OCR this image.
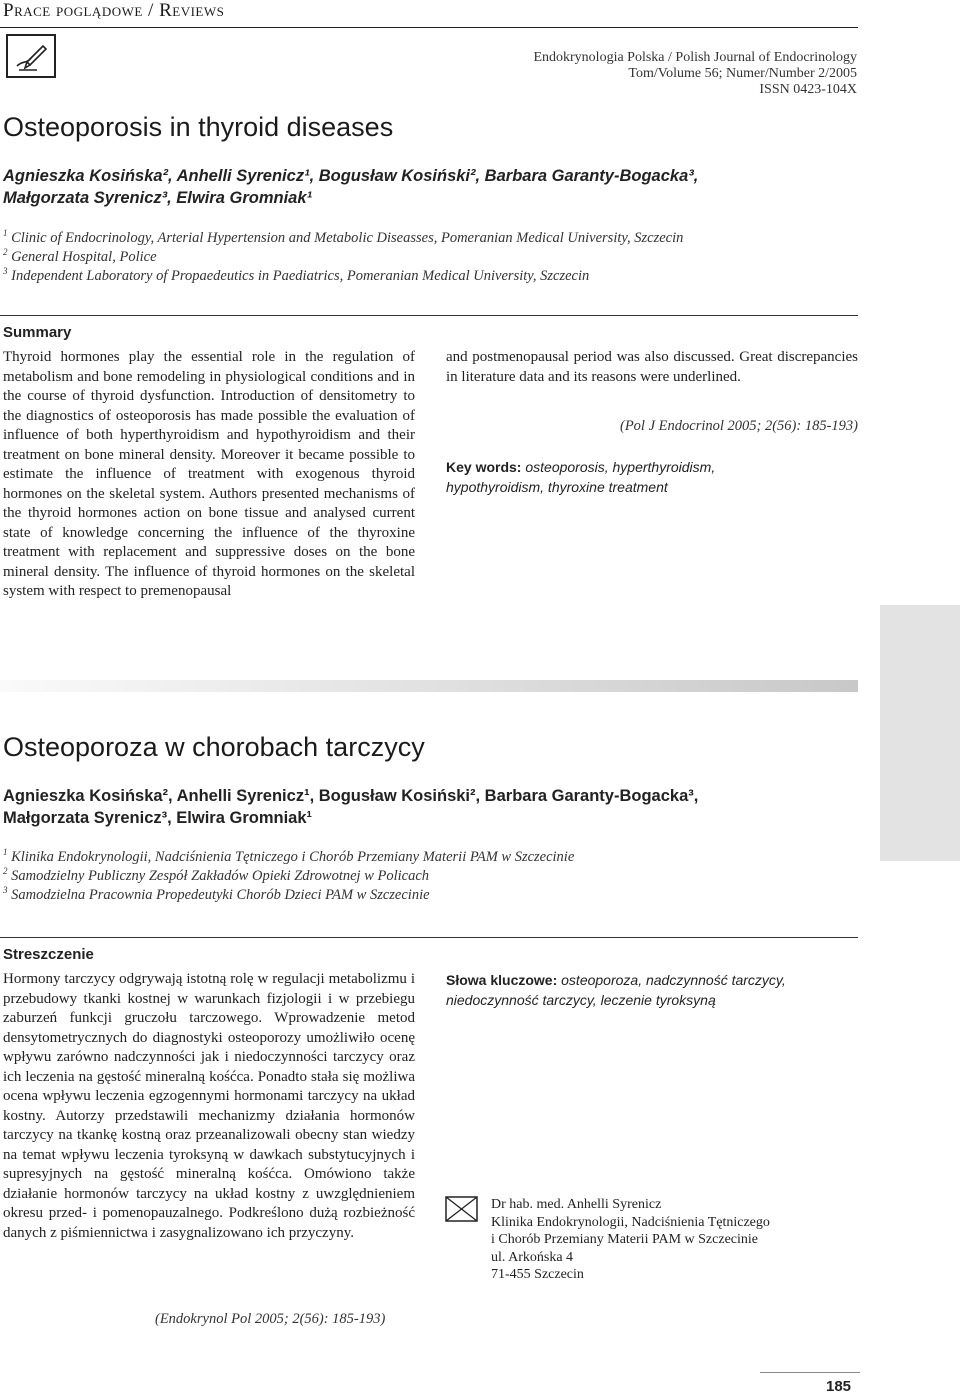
Prace poglądowe / Reviews
Endokrynologia Polska / Polish Journal of Endocrinology
Tom/Volume 56; Numer/Number 2/2005
ISSN 0423-104X
Osteoporosis in thyroid diseases
Agnieszka Kosińska², Anhelli Syrenicz¹, Bogusław Kosiński², Barbara Garanty-Bogacka³,
Małgorzata Syrenicz³, Elwira Gromniak¹
$^1$ Clinic of Endocrinology, Arterial Hypertension and Metabolic Diseasses, Pomeranian Medical University, Szczecin
$^2$ General Hospital, Police
$^3$ Independent Laboratory of Propaedeutics in Paediatrics, Pomeranian Medical University, Szczecin
Summary
Thyroid hormones play the essential role in the regulation of metabolism and bone remodeling in physiological conditions and in the course of thyroid dysfunction. Introduction of densitometry to the diagnostics of osteoporosis has made possible the evaluation of influence of both hyperthyroidism and hypothyroidism and their treatment on bone mineral density. Moreover it became possible to estimate the influence of treatment with exogenous thyroid hormones on the skeletal system. Authors presented mechanisms of the thyroid hormones action on bone tissue and analysed current state of knowledge concerning the influence of the thyroxine treatment with replacement and suppressive doses on the bone mineral density. The influence of thyroid hormones on the skeletal system with respect to premenopausal
and postmenopausal period was also discussed. Great discrepancies in literature data and its reasons were underlined.
(Pol J Endocrinol 2005; 2(56): 185-193)
Key words: osteoporosis, hyperthyroidism, hypothyroidism, thyroxine treatment
Osteoporoza w chorobach tarczycy
Agnieszka Kosińska², Anhelli Syrenicz¹, Bogusław Kosiński², Barbara Garanty-Bogacka³,
Małgorzata Syrenicz³, Elwira Gromniak¹
$^1$ Klinika Endokrynologii, Nadciśnienia Tętniczego i Chorób Przemiany Materii PAM w Szczecinie
$^2$ Samodzielny Publiczny Zespół Zakładów Opieki Zdrowotnej w Policach
$^3$ Samodzielna Pracownia Propedeutyki Chorób Dzieci PAM w Szczecinie
Streszczenie
Hormony tarczycy odgrywają istotną rolę w regulacji metabolizmu i przebudowy tkanki kostnej w warunkach fizjologii i w przebiegu zaburzeń funkcji gruczołu tarczowego. Wprowadzenie metod densytometrycznych do diagnostyki osteoporozy umożliwiło ocenę wpływu zarówno nadczynności jak i niedoczynności tarczycy oraz ich leczenia na gęstość mineralną kośćca. Ponadto stała się możliwa ocena wpływu leczenia egzogennymi hormonami tarczycy na układ kostny. Autorzy przedstawili mechanizmy działania hormonów tarczycy na tkankę kostną oraz przeanalizowali obecny stan wiedzy na temat wpływu leczenia tyroksyną w dawkach substytucyjnych i supresyjnych na gęstość mineralną kośćca. Omówiono także działanie hormonów tarczycy na układ kostny z uwzględnieniem okresu przed- i pomenopauzalnego. Podkreślono dużą rozbieżność danych z piśmiennictwa i zasygnalizowano ich przyczyny.
(Endokrynol Pol 2005; 2(56): 185-193)
Słowa kluczowe: osteoporoza, nadczynność tarczycy, niedoczynność tarczycy, leczenie tyroksyną
Dr hab. med. Anhelli Syrenicz
Klinika Endokrynologii, Nadciśnienia Tętniczego
i Chorób Przemiany Materii PAM w Szczecinie
ul. Arkońska 4
71-455 Szczecin
185
